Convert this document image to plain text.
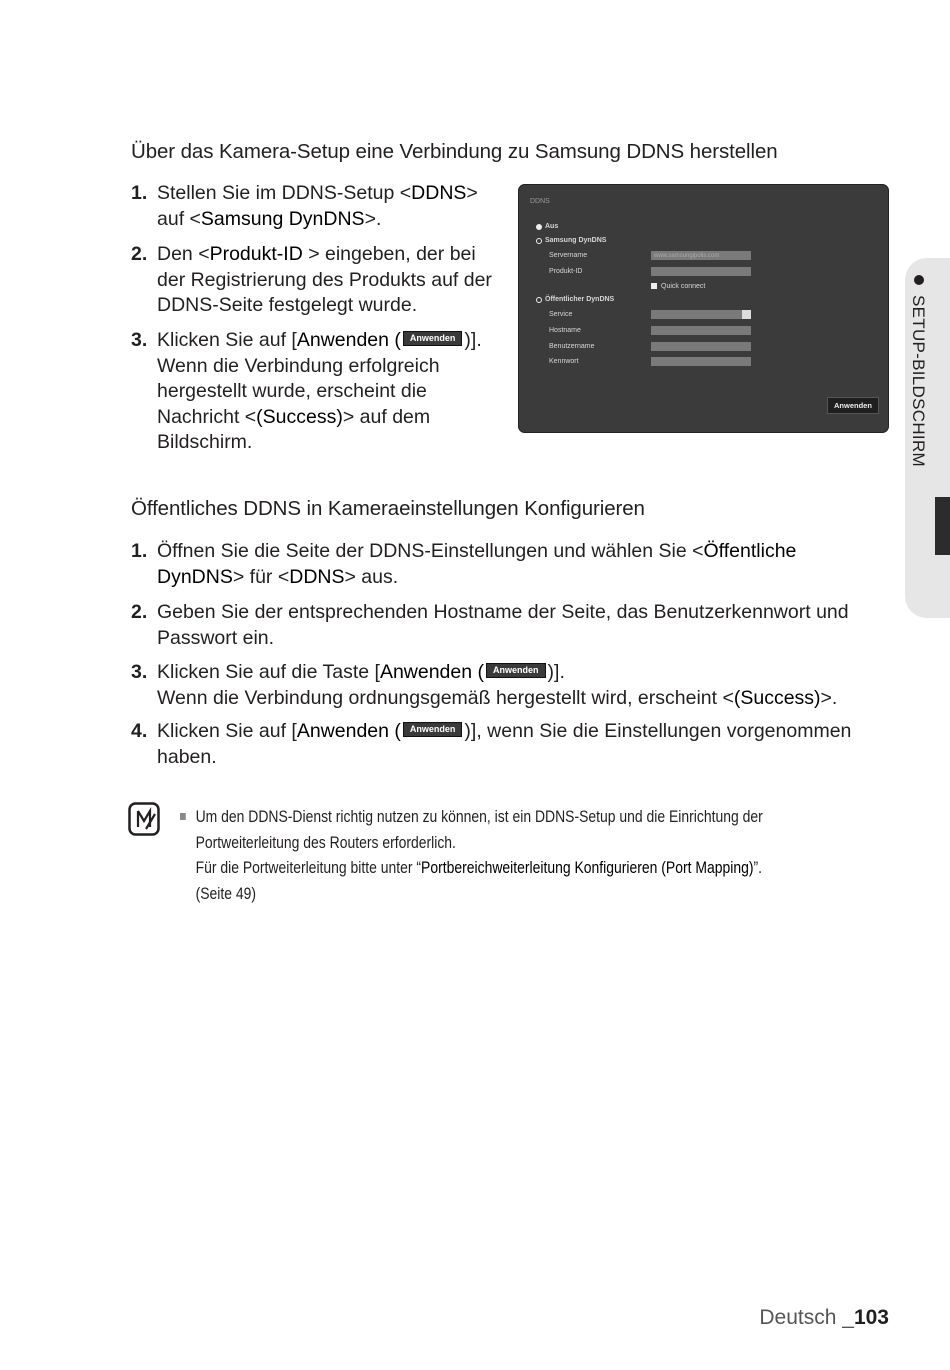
Über das Kamera-Setup eine Verbindung zu Samsung DDNS herstellen
1. Stellen Sie im DDNS-Setup <DDNS>
auf <Samsung DynDNS>.
2. Den <Produkt-ID > eingeben, der bei
der Registrierung des Produkts auf der
DDNS-Seite festgelegt wurde.
3. Klicken Sie auf [Anwenden ( Anwenden )].
Wenn die Verbindung erfolgreich
hergestellt wurde, erscheint die
Nachricht <(Success)> auf dem
Bildschirm.
DDNS
Aus
Samsung DynDNS
Servername	www.samsungipolis.com
Produkt-ID
Quick connect
Öffentlicher DynDNS
Service
Hostname
Benutzername
Kennwort
Anwenden	SETUP-BILDSCHIRM
Öffentliches DDNS in Kameraeinstellungen Konfigurieren
1. Öffnen Sie die Seite der DDNS-Einstellungen und wählen Sie <Öffentliche
DynDNS> für <DDNS> aus.
2. Geben Sie der entsprechenden Hostname der Seite, das Benutzerkennwort und
Passwort ein.
3. Klicken Sie auf die Taste [Anwenden ( Anwenden )].
Wenn die Verbindung ordnungsgemäß hergestellt wird, erscheint <(Success)>.
4. Klicken Sie auf [Anwenden ( Anwenden )], wenn Sie die Einstellungen vorgenommen
haben.
Um den DDNS-Dienst richtig nutzen zu können, ist ein DDNS-Setup und die Einrichtung der
Portweiterleitung des Routers erforderlich.
Für die Portweiterleitung bitte unter “Portbereichweiterleitung Konfigurieren (Port Mapping)”.
(Seite 49)
Deutsch _103
